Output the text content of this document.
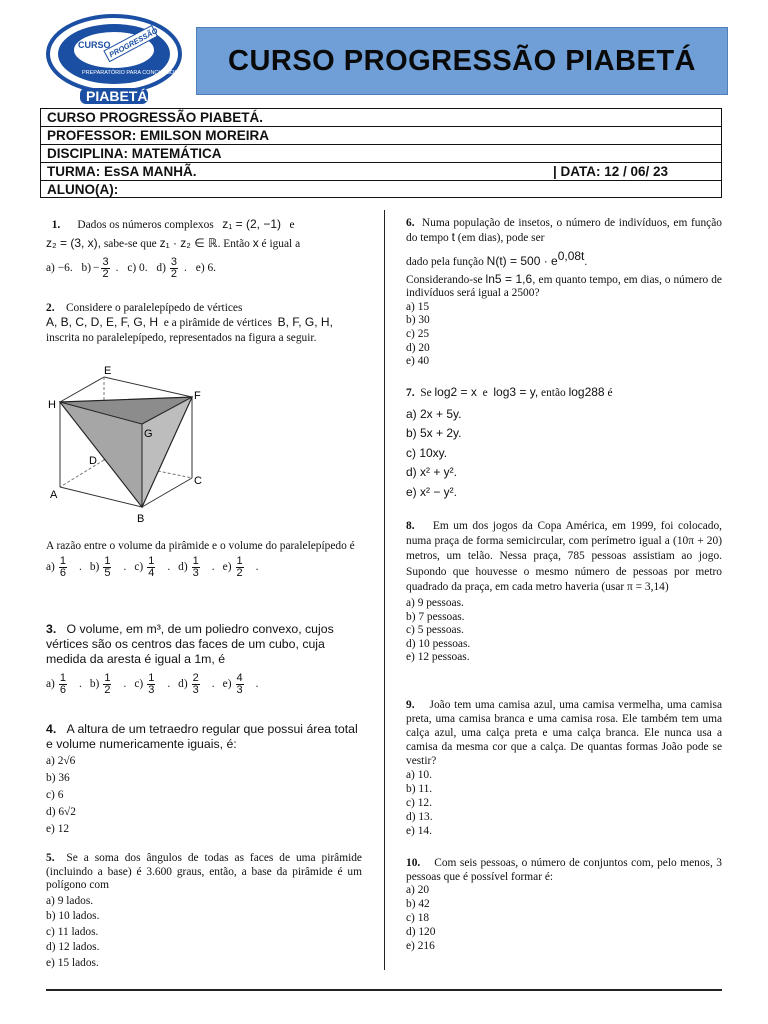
CURSO
PROGRESSÃO
PREPARATÓRIO PARA CONCURSOS
PIABETÁ
CURSO PROGRESSÃO PIABETÁ
CURSO PROGRESSÃO PIABETÁ.
PROFESSOR: EMILSON MOREIRA
DISCIPLINA: MATEMÁTICA
TURMA: EsSA MANHÃ.	| DATA: 12 / 06/ 23
ALUNO(A):

1. Dados os números complexos z₁ = (2, −1) e

z₂ = (3, x), sabe-se que z₁ · z₂ ∈ ℝ. Então x é igual a

a) −6. $b) - \frac{3}{2}$ . c) 0. $d) \frac{3}{2}$ . e) 6.

2. Considere o paralelepípedo de vértices

A, B, C, D, E, F, G, H e a pirâmide de vértices B, F, G, H,

inscrita no paralelepípedo, representados na figura a seguir.

E
F
H
G
D
C
A
B

A razão entre o volume da pirâmide e o volume do paralelepípedo é

$a) \frac{1}{6}$ . $b) \frac{1}{5}$ . $c) \frac{1}{4}$ . $d) \frac{1}{3}$ . $e) \frac{1}{2}$ .

3. O volume, em m³, de um poliedro convexo, cujos vértices são os centros das faces de um cubo, cuja medida da aresta é igual a 1m, é

$a) \frac{1}{6}$ . $b) \frac{1}{2}$ . $c) \frac{1}{3}$ . $d) \frac{2}{3}$ . $e) \frac{4}{3}$ .

4. A altura de um tetraedro regular que possui área total e volume numericamente iguais, é:

a) 2√6
b) 36
c) 6
d) 6√2
e) 12

5. Se a soma dos ângulos de todas as faces de uma pirâmide (incluindo a base) é 3.600 graus, então, a base da pirâmide é um polígono com

a) 9 lados.
b) 10 lados.
c) 11 lados.
d) 12 lados.
e) 15 lados.

6. Numa população de insetos, o número de indivíduos, em função do tempo t (em dias), pode ser

dado pela função $N(t) = 500 \cdot e^{0,08t}$.

Considerando-se ln5 = 1,6, em quanto tempo, em dias, o número de indivíduos será igual a 2500?

a) 15
b) 30
c) 25
d) 20
e) 40

7. Se log2 = x e log3 = y, então log288 é

a) 2x + 5y.
b) 5x + 2y.
c) 10xy.
d) x² + y².
e) x² − y².

8. Em um dos jogos da Copa América, em 1999, foi colocado, numa praça de forma semicircular, com perímetro igual a (10π + 20) metros, um telão. Nessa praça, 785 pessoas assistiam ao jogo. Supondo que houvesse o mesmo número de pessoas por metro quadrado da praça, em cada metro haveria (usar π = 3,14)

a) 9 pessoas.
b) 7 pessoas.
c) 5 pessoas.
d) 10 pessoas.
e) 12 pessoas.

9. João tem uma camisa azul, uma camisa vermelha, uma camisa preta, uma camisa branca e uma camisa rosa. Ele também tem uma calça azul, uma calça preta e uma calça branca. Ele nunca usa a camisa da mesma cor que a calça. De quantas formas João pode se vestir?

a) 10.
b) 11.
c) 12.
d) 13.
e) 14.

10. Com seis pessoas, o número de conjuntos com, pelo menos, 3 pessoas que é possível formar é:

a) 20
b) 42
c) 18
d) 120
e) 216
